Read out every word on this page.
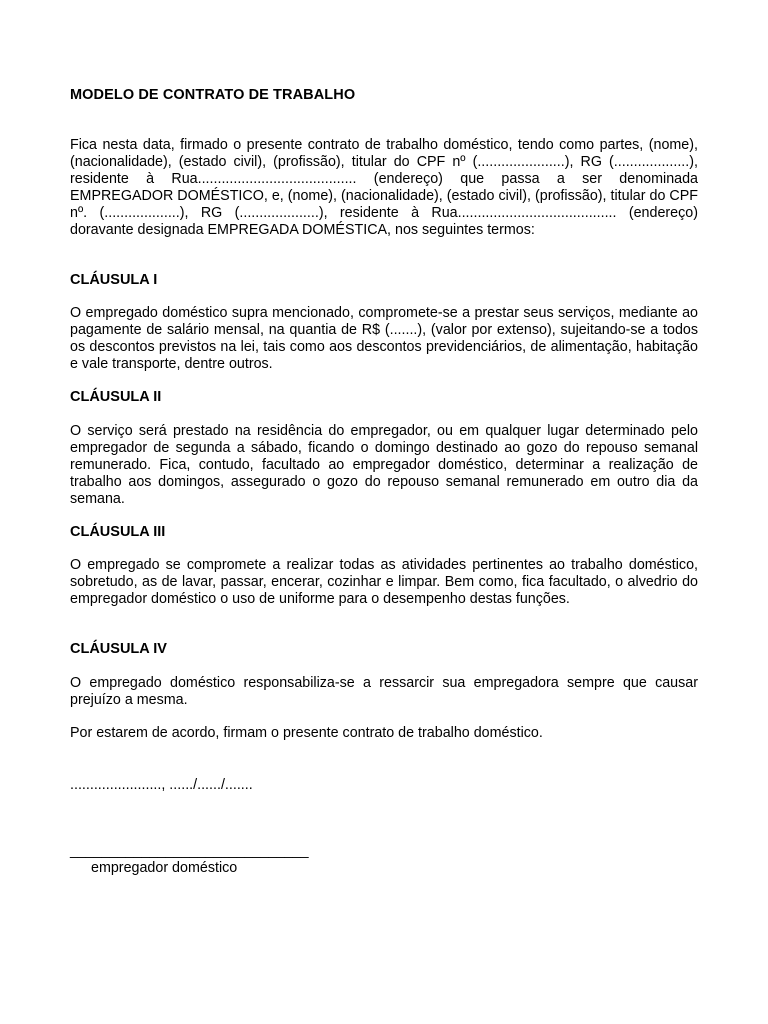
MODELO DE CONTRATO DE TRABALHO

Fica nesta data, firmado o presente contrato de trabalho doméstico, tendo como partes, (nome), (nacionalidade), (estado civil), (profissão), titular do CPF nº (......................), RG (...................), residente à Rua........................................ (endereço) que passa a ser denominada EMPREGADOR DOMÉSTICO, e, (nome), (nacionalidade), (estado civil), (profissão), titular do CPF nº. (...................), RG (....................), residente à Rua........................................ (endereço) doravante designada EMPREGADA DOMÉSTICA, nos seguintes termos:

CLÁUSULA I

O empregado doméstico supra mencionado, compromete-se a prestar seus serviços, mediante ao pagamente de salário mensal, na quantia de R$ (.......), (valor por extenso), sujeitando-se a todos os descontos previstos na lei, tais como aos descontos previdenciários, de alimentação, habitação e vale transporte, dentre outros.

CLÁUSULA II

O serviço será prestado na residência do empregador, ou em qualquer lugar determinado pelo empregador de segunda a sábado, ficando o domingo destinado ao gozo do repouso semanal remunerado. Fica, contudo, facultado ao empregador doméstico, determinar a realização de trabalho aos domingos, assegurado o gozo do repouso semanal remunerado em outro dia da semana.

CLÁUSULA III

O empregado se compromete a realizar todas as atividades pertinentes ao trabalho doméstico, sobretudo, as de lavar, passar, encerar, cozinhar e limpar. Bem como, fica facultado, o alvedrio do empregador doméstico o uso de uniforme para o desempenho destas funções.

CLÁUSULA IV

O empregado doméstico responsabiliza-se a ressarcir sua empregadora sempre que causar prejuízo a mesma.

Por estarem de acordo, firmam o presente contrato de trabalho doméstico.

......................., ....../....../.......
______________________________
empregador doméstico
